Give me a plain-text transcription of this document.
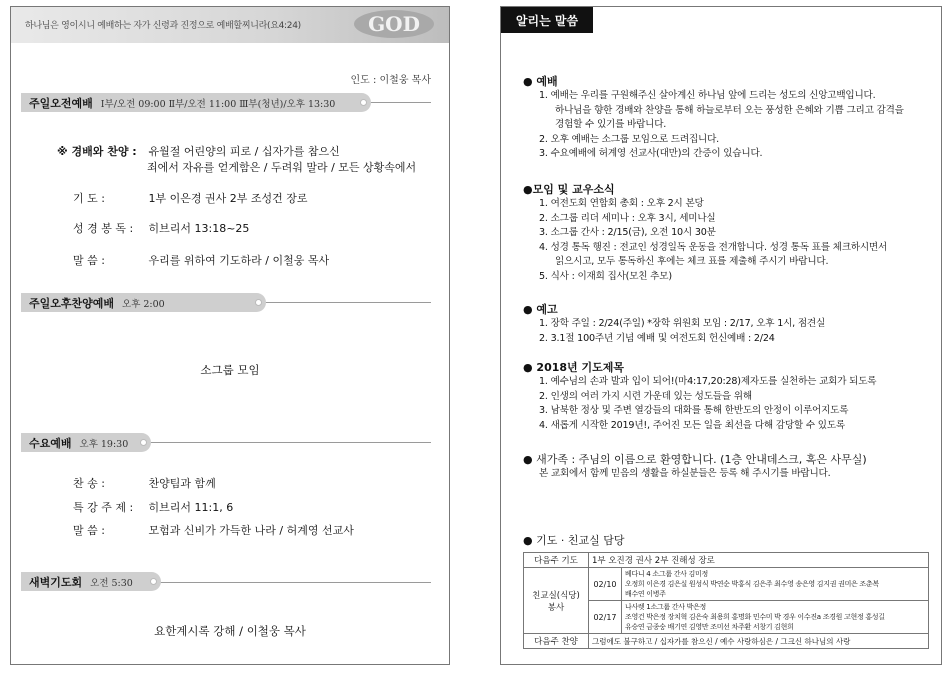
하나님은 영이시니 예배하는 자가 신령과 진정으로 예배할찌니라(요4:24)	GOD
인도 : 이철웅 목사
주일오전예배 Ⅰ부/오전 09:00 Ⅱ부/오전 11:00 Ⅲ부(청년)/오후 13:30
※ 경배와 찬양 : 유월절 어린양의 피로 / 십자가를 참으신
죄에서 자유를 얻게함은 / 두려워 말라 / 모든 상황속에서
기 도 :	1부 이은경 권사 2부 조성건 장로
성 경 봉 독 : 히브리서 13:18~25
말 씀 :	우리를 위하여 기도하라 / 이철웅 목사
주일오후찬양예배 오후 2:00
소그룹 모임
수요예배 오후 19:30
찬 송 :	찬양팀과 함께
특 강 주 제 : 히브리서 11:1, 6
말 씀 :	모험과 신비가 가득한 나라 / 허계영 선교사
새벽기도회 오전 5:30
요한계시록 강해 / 이철웅 목사
알리는 말씀
● 예배
1. 예배는 우리를 구원해주신 살아계신 하나님 앞에 드리는 성도의 신앙고백입니다.
하나님을 향한 경배와 찬양을 통해 하늘로부터 오는 풍성한 은혜와 기쁨 그리고 감격을
경험할 수 있기를 바랍니다.
2. 오후 예배는 소그룹 모임으로 드려집니다.
3. 수요예배에 허계영 선교사(대만)의 간증이 있습니다.
●모임 및 교우소식
1. 여전도회 연합회 총회 : 오후 2시 본당
2. 소그룹 리더 세미나 : 오후 3시, 세미나실
3. 소그룹 간사 : 2/15(금), 오전 10시 30분
4. 성경 통독 행진 : 전교인 성경일독 운동을 전개합니다. 성경 통독 표를 체크하시면서
읽으시고, 모두 통독하신 후에는 체크 표를 제출해 주시기 바랍니다.
5. 식사 : 이재희 집사(모친 추모)
● 예고
1. 장학 주일 : 2/24(주일) *장학 위원회 모임 : 2/17, 오후 1시, 점견실
2. 3.1절 100주년 기념 예배 및 여전도회 헌신예배 : 2/24
● 2018년 기도제목
1. 예수님의 손과 발과 입이 되어!(마4:17,20:28)제자도를 실천하는 교회가 되도록
2. 인생의 여러 가지 시련 가운데 있는 성도들을 위해
3. 남북한 정상 및 주변 열강들의 대화를 통해 한반도의 안정이 이루어지도록
4. 새롭게 시작한 2019년!, 주어진 모든 일을 최선을 다해 감당할 수 있도록
● 새가족 : 주님의 이름으로 환영합니다. (1층 안내데스크, 혹은 사무실)
본 교회에서 함께 믿음의 생활을 하실분들은 등록 해 주시기를 바랍니다.
● 기도 · 친교실 담당
다음주 기도	1부 오진경 권사 2부 진해성 장로	
친교실(식당) 봉사	02/10	베다니 4 소그룹 간사 김미정
오정희 이은경 김은실 원성식 박연순 박홍식 김은주 최수영 송은영 김지권 권미은 조춘복
배수연 이병주

	02/17	나사렛 1소그룹 간사 박은정
조영건 박은정 장치혁 김은숙 최용희 홍명화 민수미 박 경우 이수진a 조경원 고현정 홍성길
유승연 금종숭 배기연 김영만 조미선 차주환 서창기 김현희

다음주 찬양	그럼에도 불구하고 / 십자가를 참으신 / 예수 사랑하심은 / 그크신 하나님의 사랑	
